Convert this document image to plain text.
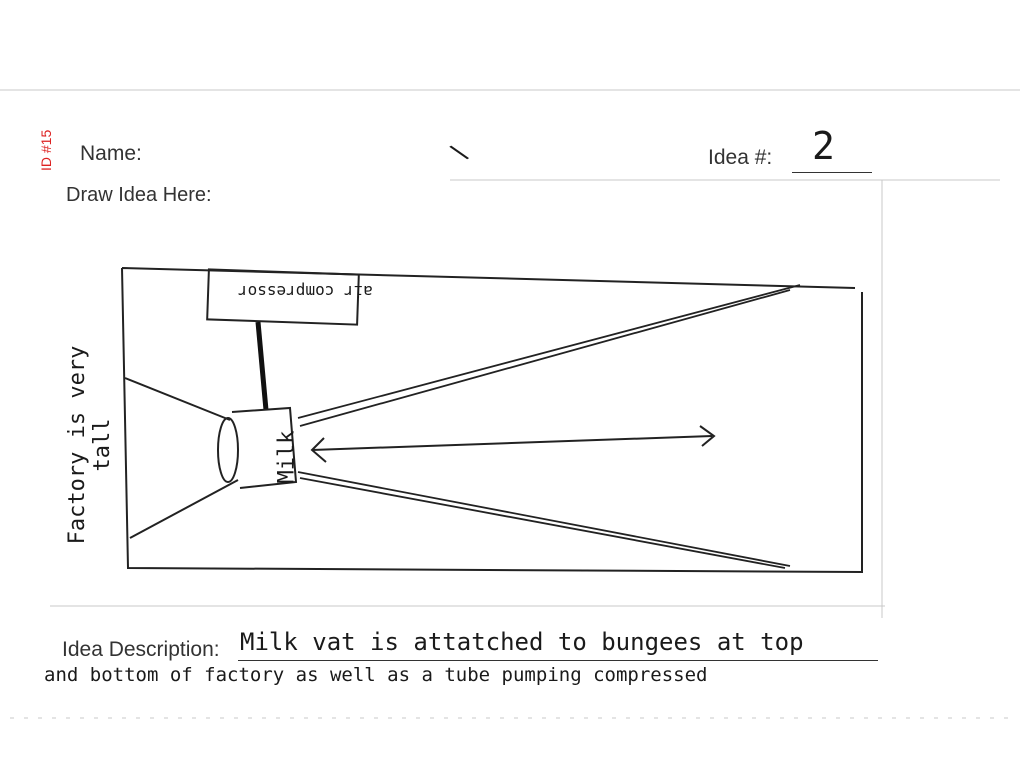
ID #15	Name:	\	Idea #: 2
Draw Idea Here:
air compressor
Milk
Factory is very tall
Idea Description: Milk vat is attatched to bungees at top
and bottom of factory as well as a tube pumping compressed
